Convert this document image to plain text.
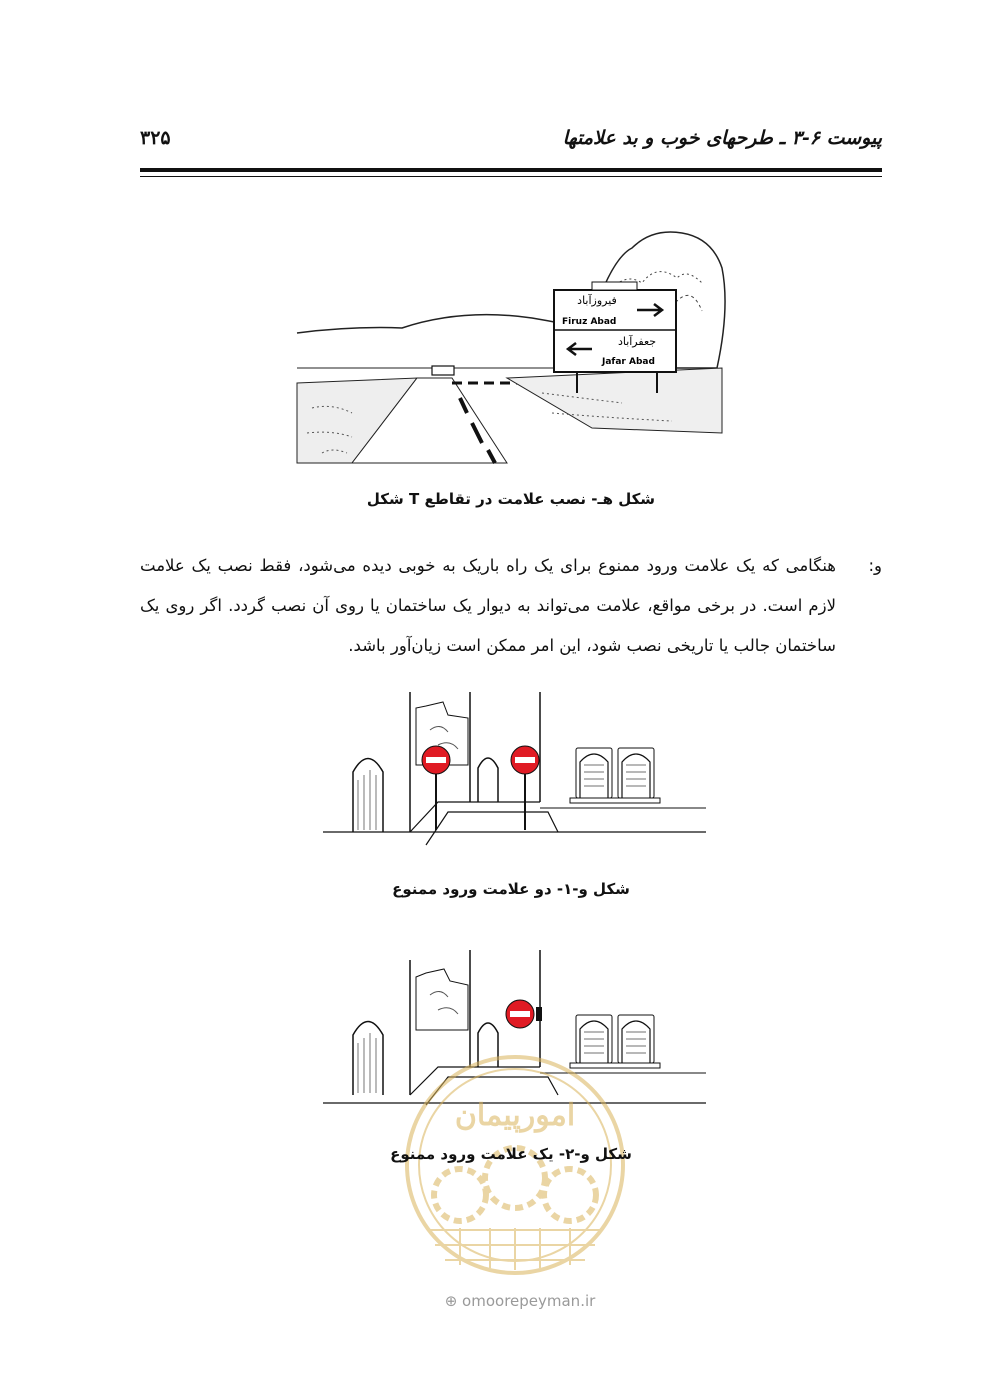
۳۲۵	پیوست ۶-۳ ـ طرحهای خوب و بد علامتها
فیروزآباد
Firuz Abad
جعفرآباد
Jafar Abad
شکل هـ- نصب علامت در تقاطع T شکل
و:
هنگامی که یک علامت ورود ممنوع برای یک راه باریک به خوبی دیده می‌شود، فقط نصب یک علامت لازم است. در برخی مواقع، علامت می‌تواند به دیوار یک ساختمان یا روی آن نصب گردد. اگر روی یک ساختمان جالب یا تاریخی نصب شود، این امر ممکن است زیان‌آور باشد.
شکل و-۱- دو علامت ورود ممنوع
امورپیمان
شکل و-۲- یک علامت ورود ممنوع
⊕ omoorepeyman.ir
